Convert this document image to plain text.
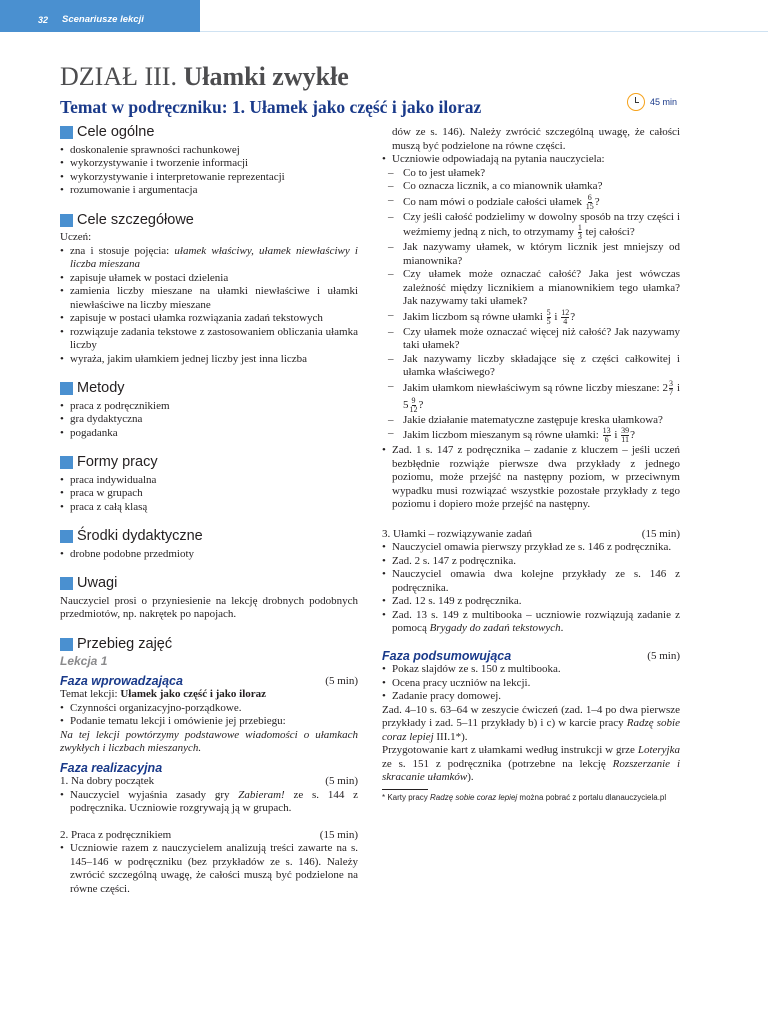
32 Scenariusze lekcji
DZIAŁ III. Ułamki zwykłe
Temat w podręczniku: 1. Ułamek jako część i jako iloraz	45 min
Cele ogólne
• doskonalenie sprawności rachunkowej
• wykorzystywanie i tworzenie informacji
• wykorzystywanie i interpretowanie reprezentacji
• rozumowanie i argumentacja
Cele szczegółowe
Uczeń:
• zna i stosuje pojęcia: ułamek właściwy, ułamek niewłaściwy i liczba mieszana
• zapisuje ułamek w postaci dzielenia
• zamienia liczby mieszane na ułamki niewłaściwe i ułamki niewłaściwe na liczby mieszane
• zapisuje w postaci ułamka rozwiązania zadań tekstowych
• rozwiązuje zadania tekstowe z zastosowaniem obliczania ułamka liczby
• wyraża, jakim ułamkiem jednej liczby jest inna liczba
Metody
• praca z podręcznikiem
• gra dydaktyczna
• pogadanka
Formy pracy
• praca indywidualna
• praca w grupach
• praca z całą klasą
Środki dydaktyczne
• drobne podobne przedmioty
Uwagi
Nauczyciel prosi o przyniesienie na lekcję drobnych podobnych przedmiotów, np. nakrętek po napojach.
Przebieg zajęć
Lekcja 1
Faza wprowadzająca	(5 min)
Temat lekcji: Ułamek jako część i jako iloraz
• Czynności organizacyjno-porządkowe.
• Podanie tematu lekcji i omówienie jej przebiegu:
Na tej lekcji powtórzymy podstawowe wiadomości o ułamkach zwykłych i liczbach mieszanych.
Faza realizacyjna
1. Na dobry początek	(5 min)
• Nauczyciel wyjaśnia zasady gry Zabieram! ze s. 144 z podręcznika. Uczniowie rozgrywają ją w grupach.
2. Praca z podręcznikiem	(15 min)
• Uczniowie razem z nauczycielem analizują treści zawarte na s. 145–146 w podręczniku (bez przykładów ze s. 146). Należy zwrócić szczególną uwagę, że całości muszą być podzielone na równe części.
dów ze s. 146). Należy zwrócić szczególną uwagę, że całości muszą być podzielone na równe części.
• Uczniowie odpowiadają na pytania nauczyciela:
– Co to jest ułamek?
– Co oznacza licznik, a co mianownik ułamka?
– Co nam mówi o podziale całości ułamek $\frac{6}{15}$ ?
– Czy jeśli całość podzielimy w dowolny sposób na trzy części i weźmiemy jedną z nich, to otrzymamy $\frac{1}{3}$ tej całości?
– Jak nazywamy ułamek, w którym licznik jest mniejszy od mianownika?
– Czy ułamek może oznaczać całość? Jaka jest wówczas zależność między licznikiem a mianownikiem tego ułamka? Jak nazywamy taki ułamek?
– Jakim liczbom są równe ułamki $\frac{5}{5}$ i $\frac{12}{4}$ ?
– Czy ułamek może oznaczać więcej niż całość? Jak nazywamy taki ułamek?
– Jak nazywamy liczby składające się z części całkowitej i ułamka właściwego?
– Jakim ułamkom niewłaściwym są równe liczby mieszane: $2 \frac{3}{7}$ i $5 \frac{9}{12}$ ?
– Jakie działanie matematyczne zastępuje kreska ułamkowa?
– Jakim liczbom mieszanym są równe ułamki: $\frac{13}{6}$ i $\frac{39}{11}$ ?
• Zad. 1 s. 147 z podręcznika – zadanie z kluczem – jeśli uczeń bezbłędnie rozwiąże pierwsze dwa przykłady z jednego poziomu, może przejść na następny poziom, w przeciwnym wypadku musi rozwiązać wszystkie pozostałe przykłady z tego poziomu i dopiero może przejść na następny.
3. Ułamki – rozwiązywanie zadań	(15 min)
• Nauczyciel omawia pierwszy przykład ze s. 146 z podręcznika.
• Zad. 2 s. 147 z podręcznika.
• Nauczyciel omawia dwa kolejne przykłady ze s. 146 z podręcznika.
• Zad. 12 s. 149 z podręcznika.
• Zad. 13 s. 149 z multibooka – uczniowie rozwiązują zadanie z pomocą Brygady do zadań tekstowych.
Faza podsumowująca	(5 min)
• Pokaz slajdów ze s. 150 z multibooka.
• Ocena pracy uczniów na lekcji.
• Zadanie pracy domowej.
Zad. 4–10 s. 63–64 w zeszycie ćwiczeń (zad. 1–4 po dwa pierwsze przykłady i zad. 5–11 przykłady b) i c) w karcie pracy Radzę sobie coraz lepiej III.1*).
Przygotowanie kart z ułamkami według instrukcji w grze Loteryjka ze s. 151 z podręcznika (potrzebne na lekcję Rozszerzanie i skracanie ułamków).
* Karty pracy Radzę sobie coraz lepiej można pobrać z portalu dlanauczyciela.pl
